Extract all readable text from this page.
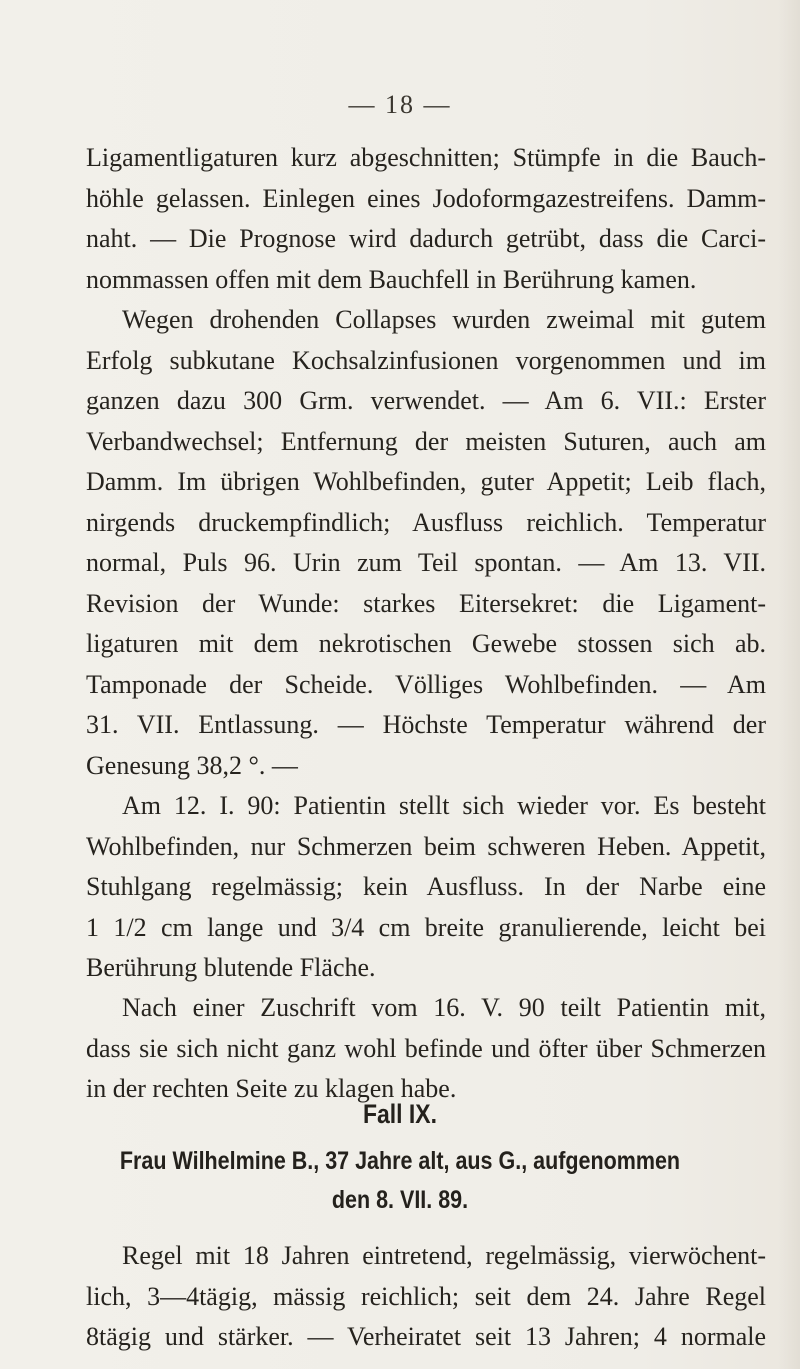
— 18 —
Ligamentligaturen kurz abgeschnitten; Stümpfe in die Bauch-
höhle gelassen. Einlegen eines Jodoformgazestreifens. Damm-
naht. — Die Prognose wird dadurch getrübt, dass die Carci-
nommassen offen mit dem Bauchfell in Berührung kamen.
Wegen drohenden Collapses wurden zweimal mit gutem
Erfolg subkutane Kochsalzinfusionen vorgenommen und im
ganzen dazu 300 Grm. verwendet. — Am 6. VII.: Erster
Verbandwechsel; Entfernung der meisten Suturen, auch am
Damm. Im übrigen Wohlbefinden, guter Appetit; Leib flach,
nirgends druckempfindlich; Ausfluss reichlich. Temperatur
normal, Puls 96. Urin zum Teil spontan. — Am 13. VII.
Revision der Wunde: starkes Eitersekret: die Ligament-
ligaturen mit dem nekrotischen Gewebe stossen sich ab.
Tamponade der Scheide. Völliges Wohlbefinden. — Am
31. VII. Entlassung. — Höchste Temperatur während der
Genesung 38,2 °. —
Am 12. I. 90: Patientin stellt sich wieder vor. Es besteht
Wohlbefinden, nur Schmerzen beim schweren Heben. Appetit,
Stuhlgang regelmässig; kein Ausfluss. In der Narbe eine
1 1/2 cm lange und 3/4 cm breite granulierende, leicht bei
Berührung blutende Fläche.
Nach einer Zuschrift vom 16. V. 90 teilt Patientin mit,
dass sie sich nicht ganz wohl befinde und öfter über Schmerzen
in der rechten Seite zu klagen habe.
Fall IX.
Frau Wilhelmine B., 37 Jahre alt, aus G., aufgenommen
den 8. VII. 89.
Regel mit 18 Jahren eintretend, regelmässig, vierwöchent-
lich, 3—4tägig, mässig reichlich; seit dem 24. Jahre Regel
8tägig und stärker. — Verheiratet seit 13 Jahren; 4 normale
